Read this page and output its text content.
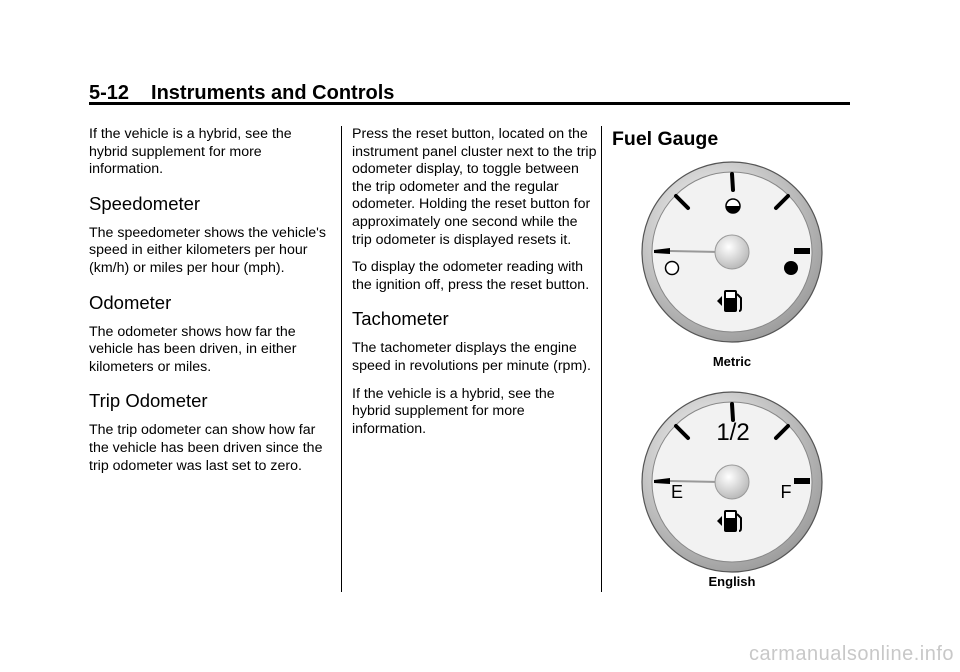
5-12 Instruments and Controls

If the vehicle is a hybrid, see the hybrid supplement for more information.

Speedometer

The speedometer shows the vehicle's speed in either kilometers per hour (km/h) or miles per hour (mph).

Odometer

The odometer shows how far the vehicle has been driven, in either kilometers or miles.

Trip Odometer

The trip odometer can show how far the vehicle has been driven since the trip odometer was last set to zero.

Press the reset button, located on the instrument panel cluster next to the trip odometer display, to toggle between the trip odometer and the regular odometer. Holding the reset button for approximately one second while the trip odometer is displayed resets it.

To display the odometer reading with the ignition off, press the reset button.

Tachometer

The tachometer displays the engine speed in revolutions per minute (rpm).

If the vehicle is a hybrid, see the hybrid supplement for more information.

Fuel Gauge
Metric
1/2
E	F
English
carmanualsonline.info
